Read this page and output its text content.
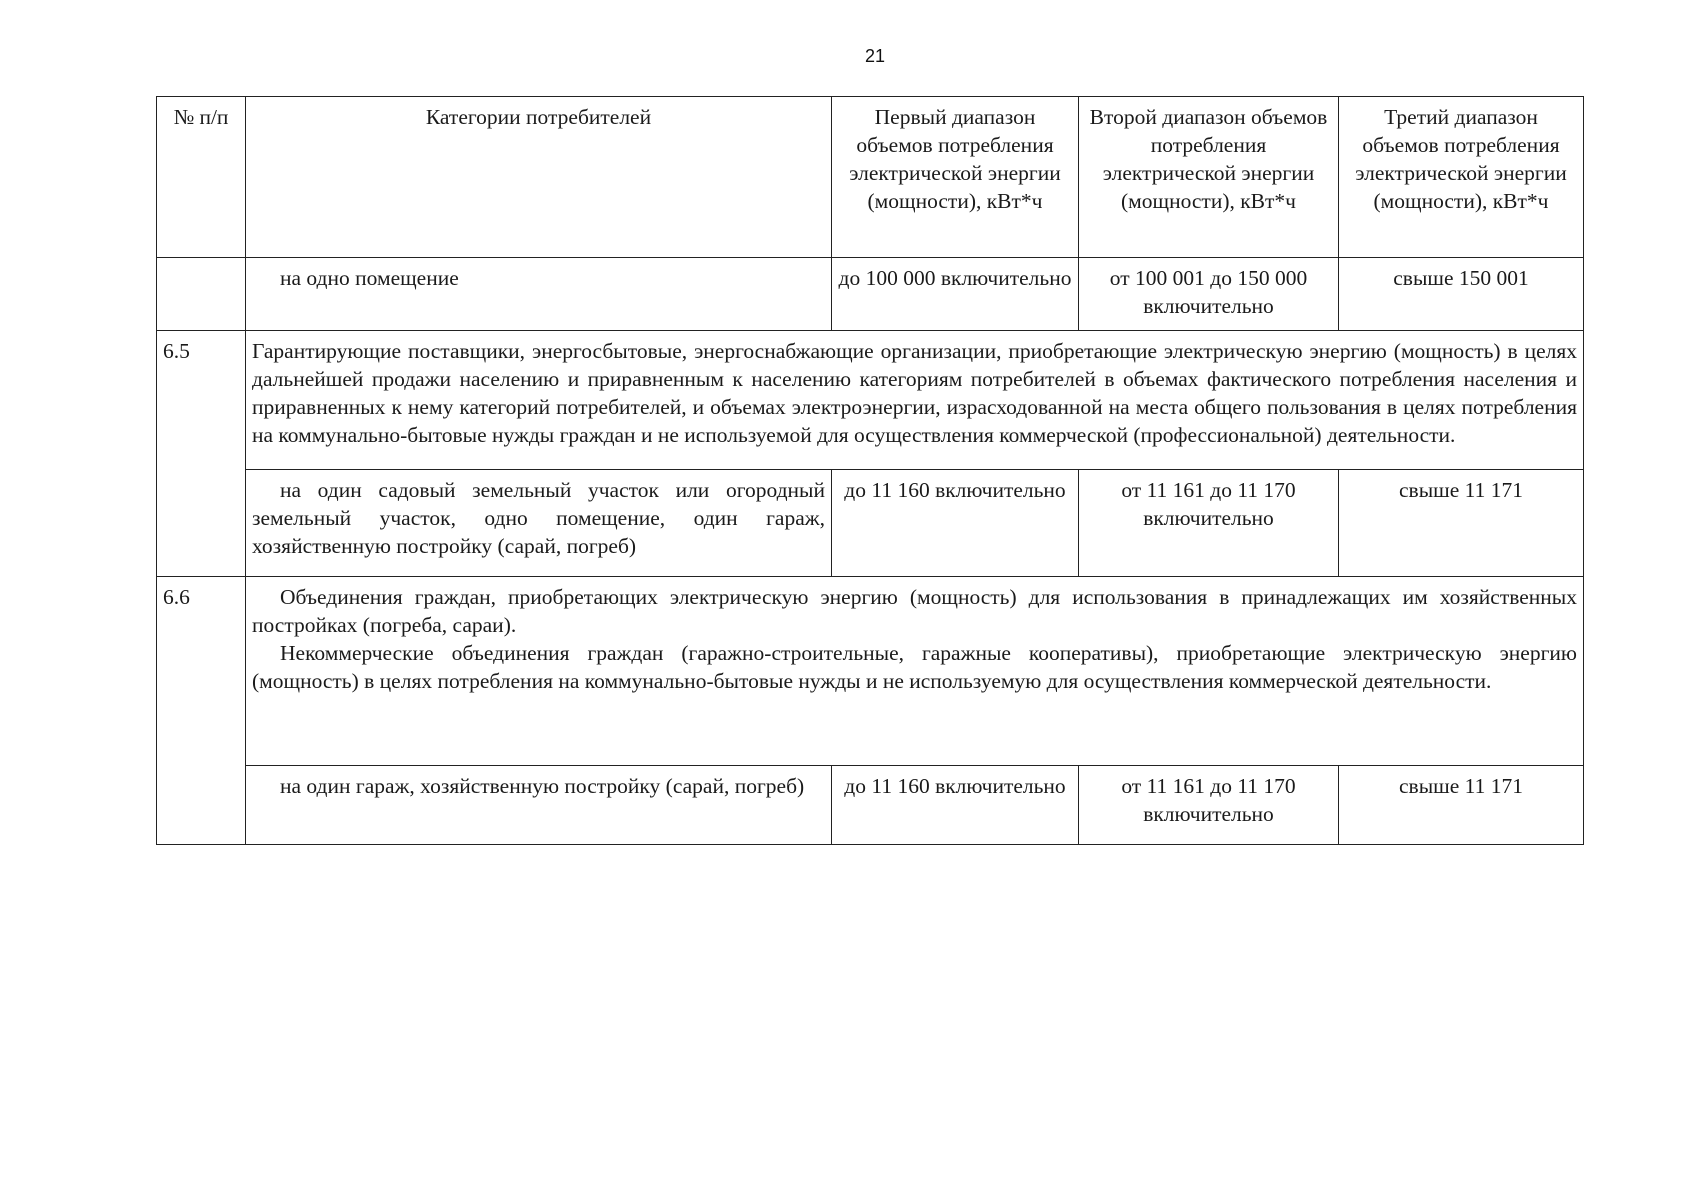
21
№ п/п	Категории потребителей	Первый диапазон объемов потребления электрической энергии (мощности), кВт*ч	Второй диапазон объемов потребления электрической энергии (мощности), кВт*ч	Третий диапазон объемов потребления электрической энергии (мощности), кВт*ч
	на одно помещение	до 100 000 включительно	от 100 001 до 150 000 включительно	свыше 150 001
6.5	Гарантирующие поставщики, энергосбытовые, энергоснабжающие организации, приобретающие электрическую энергию (мощность) в целях дальнейшей продажи населению и приравненным к населению категориям потребителей в объемах фактического потребления населения и приравненных к нему категорий потребителей, и объемах электроэнергии, израсходованной на места общего пользования в целях потребления на коммунально-бытовые нужды граждан и не используемой для осуществления коммерческой (профессиональной) деятельности.			
	на один садовый земельный участок или огородный земельный участок, одно помещение, один гараж, хозяйственную постройку (сарай, погреб)	до 11 160 включительно	от 11 161 до 11 170 включительно	свыше 11 171
6.6	Объединения граждан, приобретающих электрическую энергию (мощность) для использования в принадлежащих им хозяйственных постройках (погреба, сараи).

Некоммерческие объединения граждан (гаражно-строительные, гаражные кооперативы), приобретающие электрическую энергию (мощность) в целях потребления на коммунально-бытовые нужды и не используемую для осуществления коммерческой деятельности.			

	на один гараж, хозяйственную постройку (сарай, погреб)	до 11 160 включительно	от 11 161 до 11 170 включительно	свыше 11 171
